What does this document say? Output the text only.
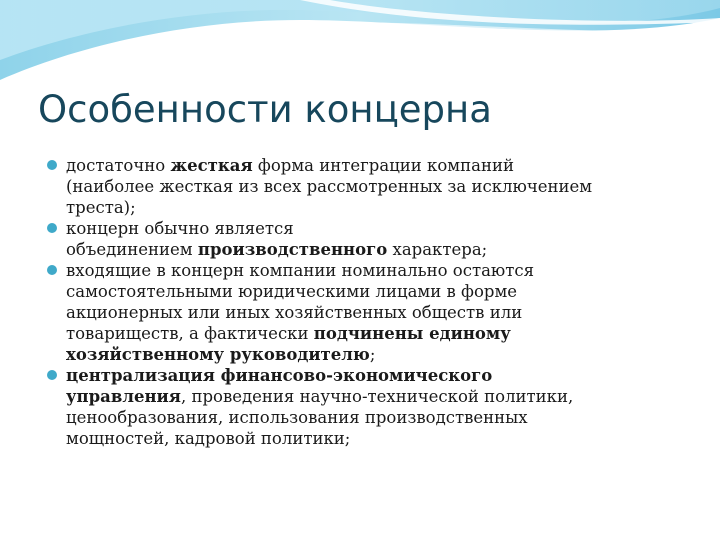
Особенности концерна
достаточно жесткая форма интеграции компаний
(наиболее жесткая из всех рассмотренных за исключением
треста);
концерн обычно является
объединением производственного характера;
входящие в концерн компании номинально остаются
самостоятельными юридическими лицами в форме
акционерных или иных хозяйственных обществ или
товариществ, а фактически подчинены единому
хозяйственному руководителю;
централизация финансово-экономического
управления, проведения научно-технической политики,
ценообразования, использования производственных
мощностей, кадровой политики;
